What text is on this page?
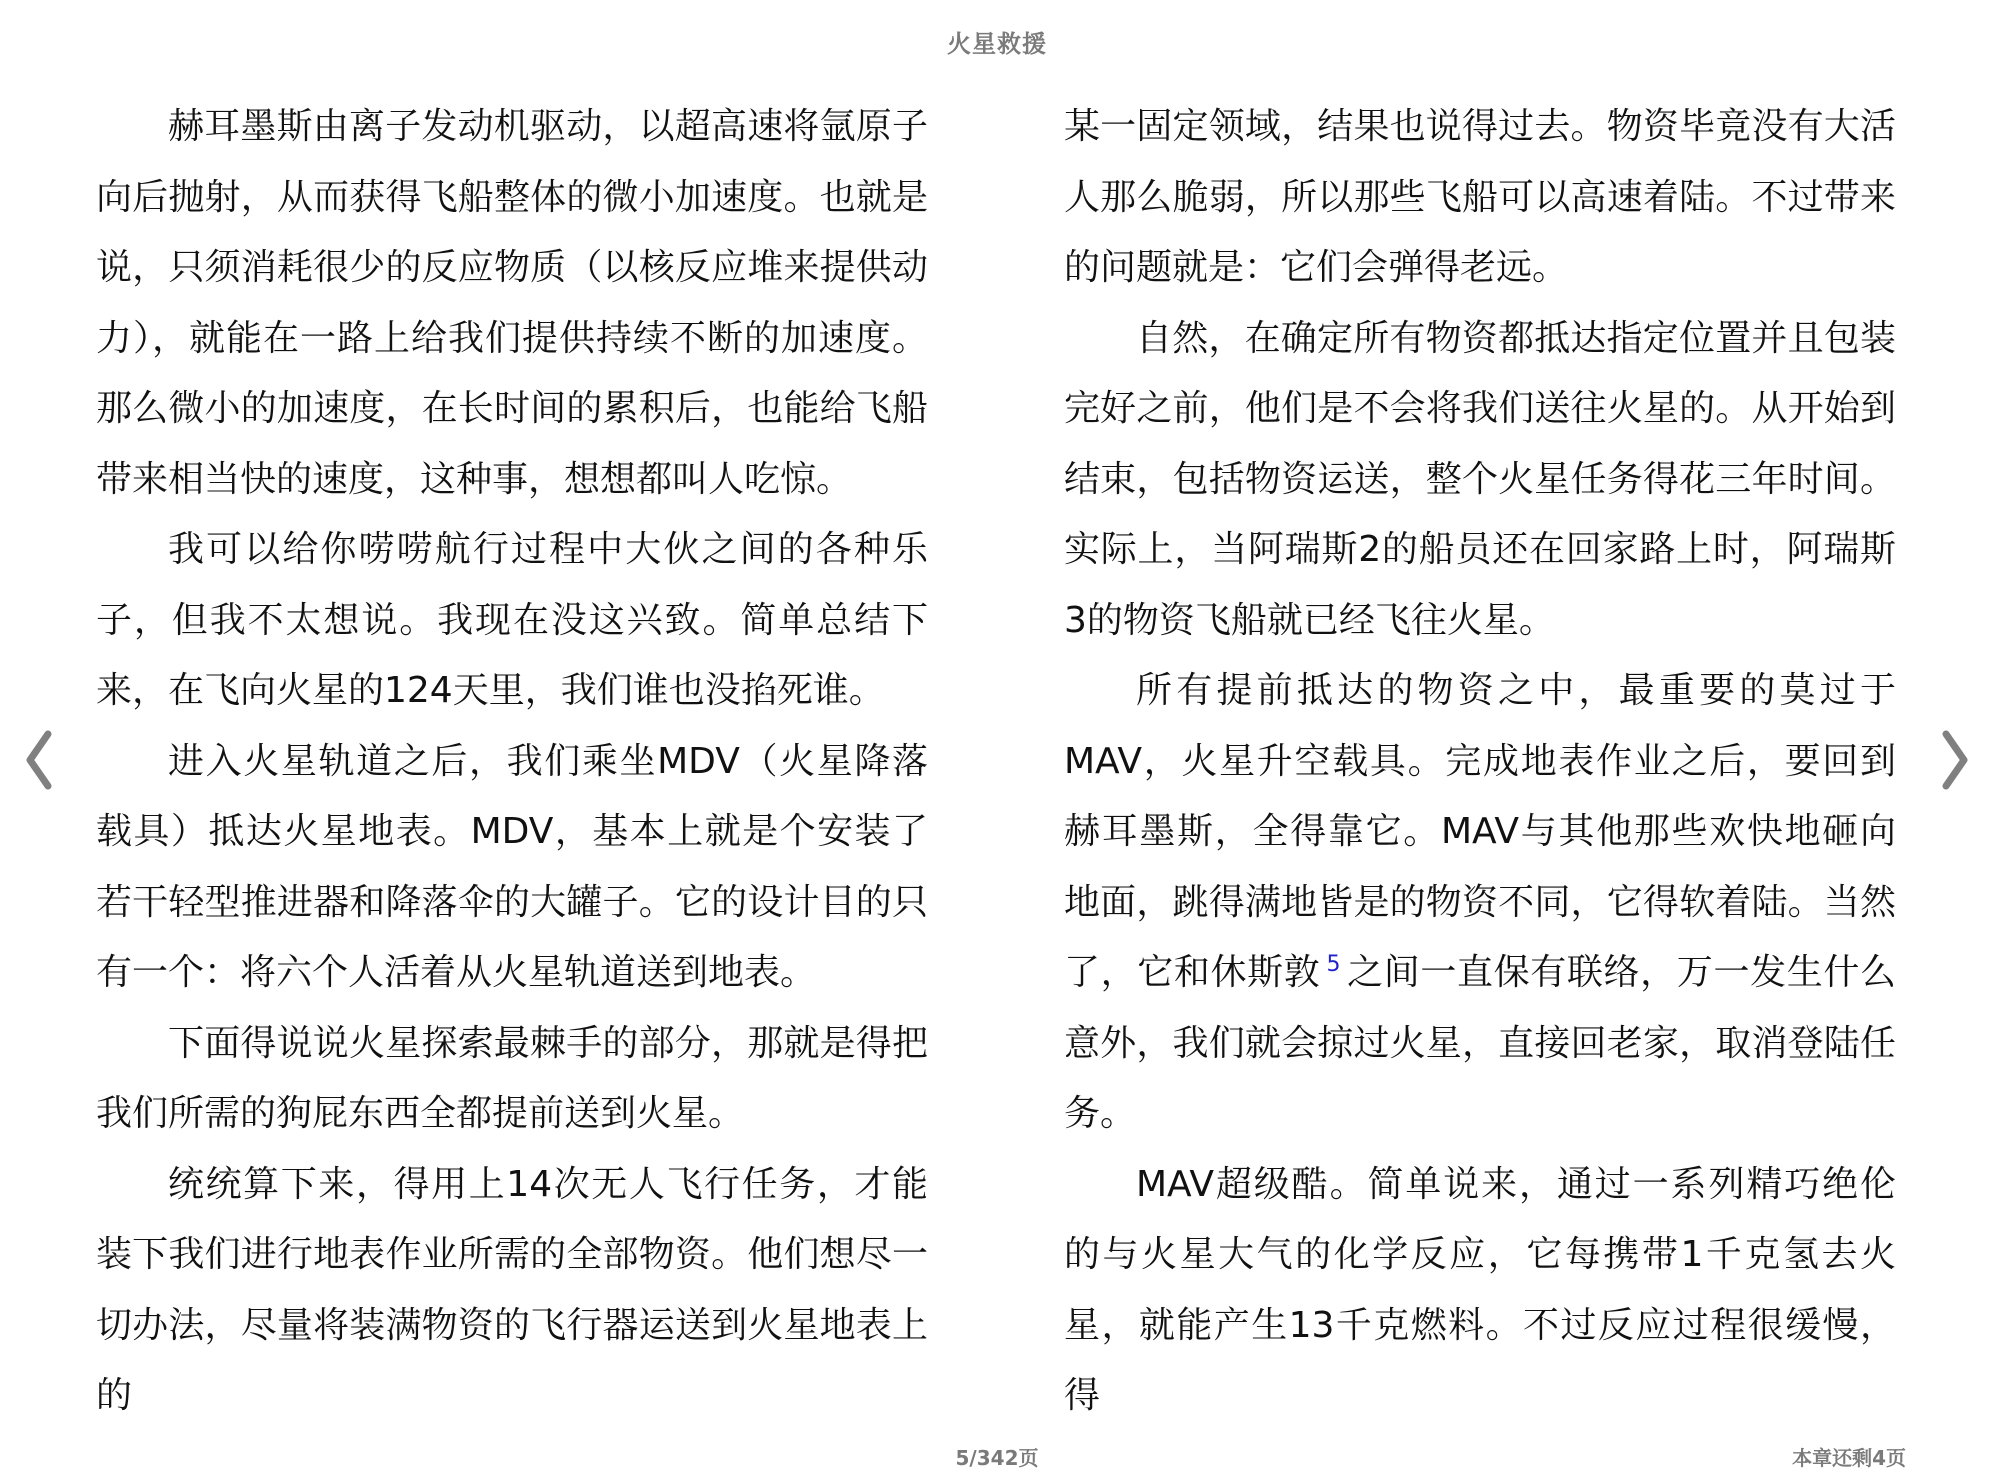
火星救援

赫耳墨斯由离子发动机驱动，以超高速将氩原子向后抛射，从而获得飞船整体的微小加速度。也就是说，只须消耗很少的反应物质（以核反应堆来提供动力），就能在一路上给我们提供持续不断的加速度。那么微小的加速度，在长时间的累积后，也能给飞船带来相当快的速度，这种事，想想都叫人吃惊。

我可以给你唠唠航行过程中大伙之间的各种乐子，但我不太想说。我现在没这兴致。简单总结下来，在飞向火星的124天里，我们谁也没掐死谁。

进入火星轨道之后，我们乘坐MDV（火星降落载具）抵达火星地表。MDV，基本上就是个安装了若干轻型推进器和降落伞的大罐子。它的设计目的只有一个：将六个人活着从火星轨道送到地表。

下面得说说火星探索最棘手的部分，那就是得把我们所需的狗屁东西全都提前送到火星。

统统算下来，得用上14次无人飞行任务，才能装下我们进行地表作业所需的全部物资。他们想尽一切办法，尽量将装满物资的飞行器运送到火星地表上的

某一固定领域，结果也说得过去。物资毕竟没有大活人那么脆弱，所以那些飞船可以高速着陆。不过带来的问题就是：它们会弹得老远。

自然，在确定所有物资都抵达指定位置并且包装完好之前，他们是不会将我们送往火星的。从开始到结束，包括物资运送，整个火星任务得花三年时间。实际上，当阿瑞斯2的船员还在回家路上时，阿瑞斯3的物资飞船就已经飞往火星。

所有提前抵达的物资之中，最重要的莫过于MAV，火星升空载具。完成地表作业之后，要回到赫耳墨斯，全得靠它。MAV与其他那些欢快地砸向地面，跳得满地皆是的物资不同，它得软着陆。当然了，它和休斯敦 $^5$ 之间一直保有联络，万一发生什么意外，我们就会掠过火星，直接回老家，取消登陆任务。

MAV超级酷。简单说来，通过一系列精巧绝伦的与火星大气的化学反应，它每携带1千克氢去火星，就能产生13千克燃料。不过反应过程很缓慢，得

5/342页	本章还剩4页
